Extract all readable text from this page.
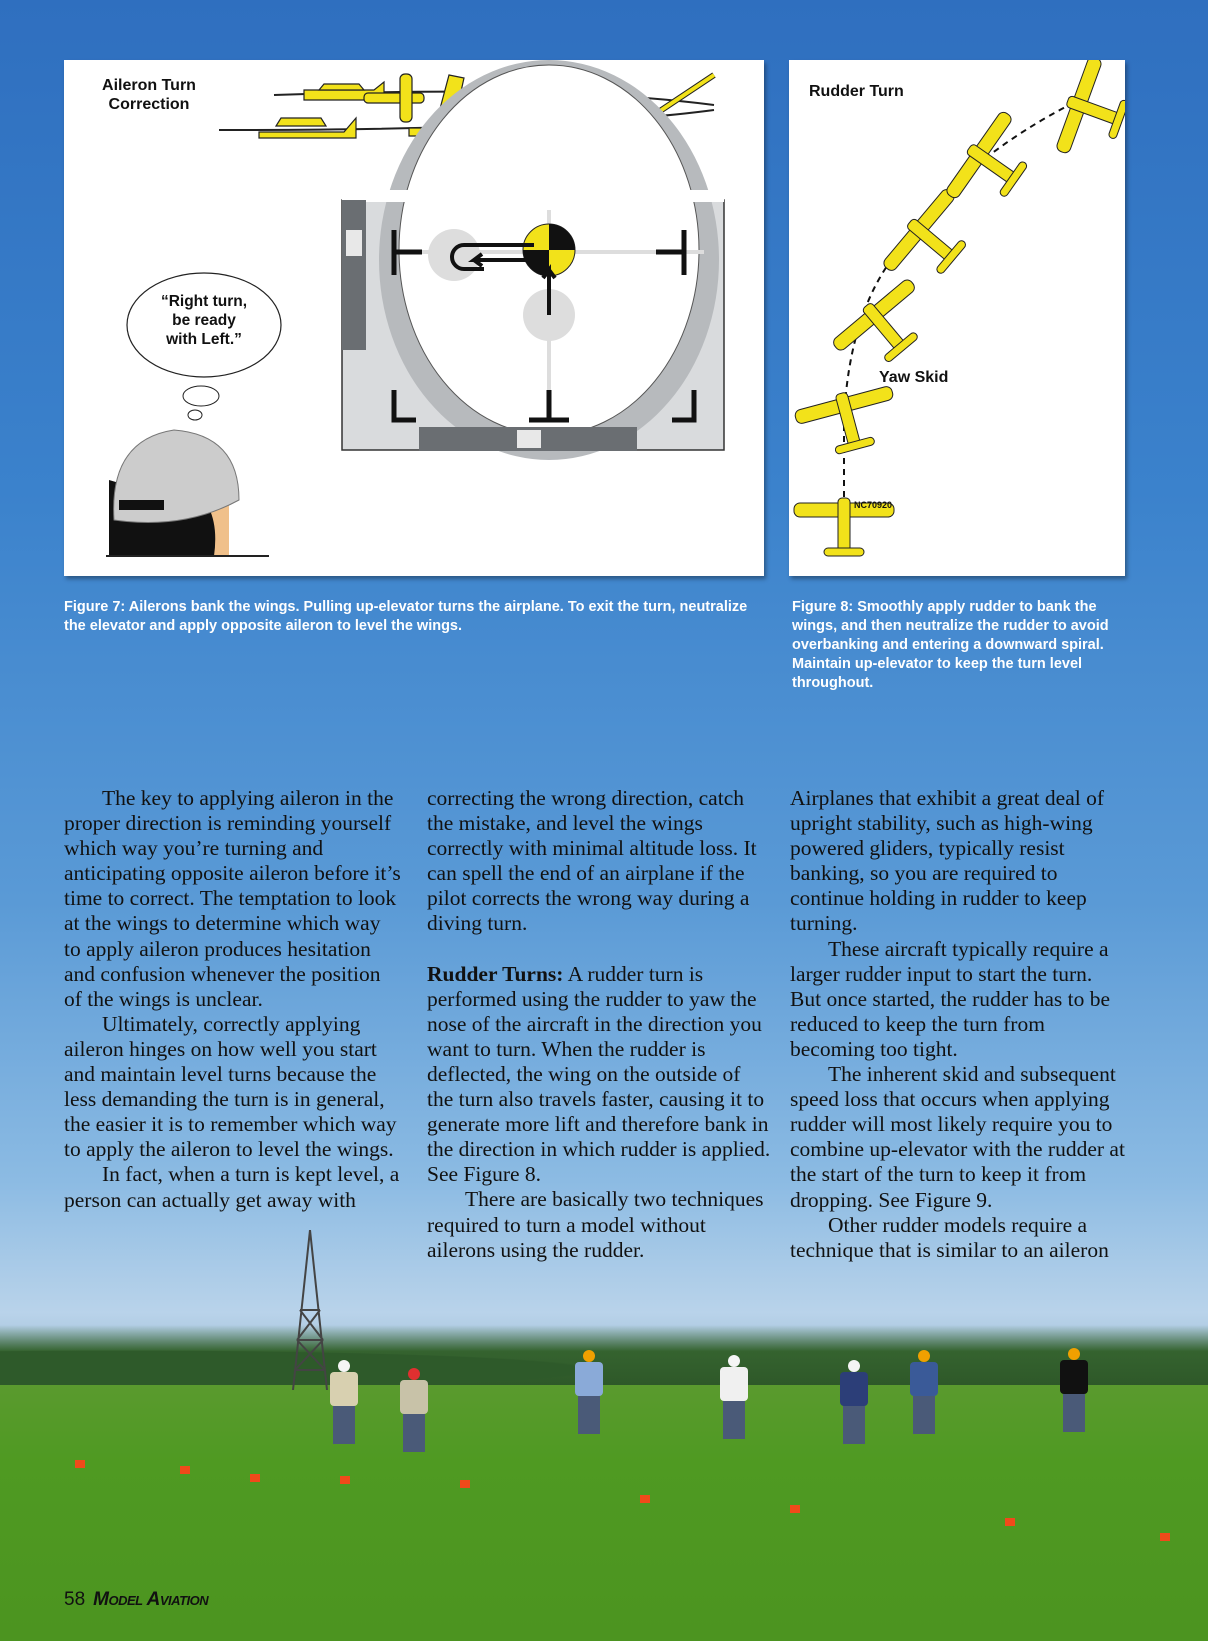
Aileron Turn
Correction
“Right turn,
be ready
with Left.”
Rudder Turn
Yaw Skid
NC70920
Figure 7: Ailerons bank the wings. Pulling up-elevator turns the airplane. To exit the turn, neutralize the elevator and apply opposite aileron to level the wings.
Figure 8: Smoothly apply rudder to bank the wings, and then neutralize the rudder to avoid overbanking and entering a downward spiral. Maintain up-elevator to keep the turn level throughout.

The key to applying aileron in the proper direction is reminding yourself which way you’re turning and anticipating opposite aileron before it’s time to correct. The temptation to look at the wings to determine which way to apply aileron produces hesitation and confusion whenever the position of the wings is unclear.

Ultimately, correctly applying aileron hinges on how well you start and maintain level turns because the less demanding the turn is in general, the easier it is to remember which way to apply the aileron to level the wings.

In fact, when a turn is kept level, a person can actually get away with

correcting the wrong direction, catch the mistake, and level the wings correctly with minimal altitude loss. It can spell the end of an airplane if the pilot corrects the wrong way during a diving turn.

Rudder Turns: A rudder turn is performed using the rudder to yaw the nose of the aircraft in the direction you want to turn. When the rudder is deflected, the wing on the outside of the turn also travels faster, causing it to generate more lift and therefore bank in the direction in which rudder is applied. See Figure 8.

There are basically two techniques required to turn a model without ailerons using the rudder.

Airplanes that exhibit a great deal of upright stability, such as high-wing powered gliders, typically resist banking, so you are required to continue holding in rudder to keep turning.

These aircraft typically require a larger rudder input to start the turn. But once started, the rudder has to be reduced to keep the turn from becoming too tight.

The inherent skid and subsequent speed loss that occurs when applying rudder will most likely require you to combine up-elevator with the rudder at the start of the turn to keep it from dropping. See Figure 9.

Other rudder models require a technique that is similar to an aileron

58 Model Aviation
